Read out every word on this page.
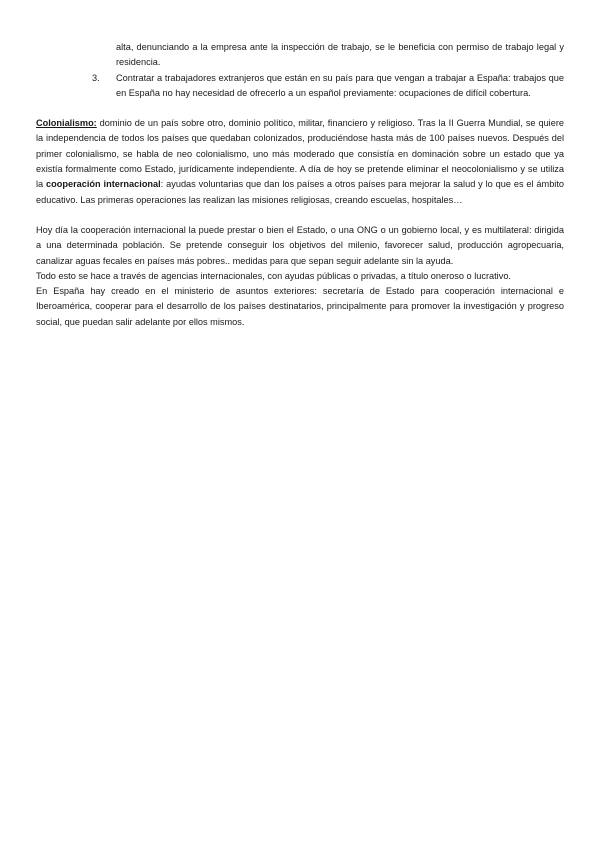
alta, denunciando a la empresa ante la inspección de trabajo, se le beneficia con permiso de trabajo legal y residencia.
3. Contratar a trabajadores extranjeros que están en su país para que vengan a trabajar a España: trabajos que en España no hay necesidad de ofrecerlo a un español previamente: ocupaciones de difícil cobertura.

Colonialismo: dominio de un país sobre otro, dominio político, militar, financiero y religioso. Tras la II Guerra Mundial, se quiere la independencia de todos los países que quedaban colonizados, produciéndose hasta más de 100 países nuevos. Después del primer colonialismo, se habla de neo colonialismo, uno más moderado que consistía en dominación sobre un estado que ya existía formalmente como Estado, jurídicamente independiente. A día de hoy se pretende eliminar el neocolonialismo y se utiliza la cooperación internacional: ayudas voluntarias que dan los países a otros países para mejorar la salud y lo que es el ámbito educativo. Las primeras operaciones las realizan las misiones religiosas, creando escuelas, hospitales…

Hoy día la cooperación internacional la puede prestar o bien el Estado, o una ONG o un gobierno local, y es multilateral: dirigida a una determinada población. Se pretende conseguir los objetivos del milenio, favorecer salud, producción agropecuaria, canalizar aguas fecales en países más pobres.. medidas para que sepan seguir adelante sin la ayuda.

Todo esto se hace a través de agencias internacionales, con ayudas públicas o privadas, a título oneroso o lucrativo.

En España hay creado en el ministerio de asuntos exteriores: secretaría de Estado para cooperación internacional e Iberoamérica, cooperar para el desarrollo de los países destinatarios, principalmente para promover la investigación y progreso social, que puedan salir adelante por ellos mismos.
